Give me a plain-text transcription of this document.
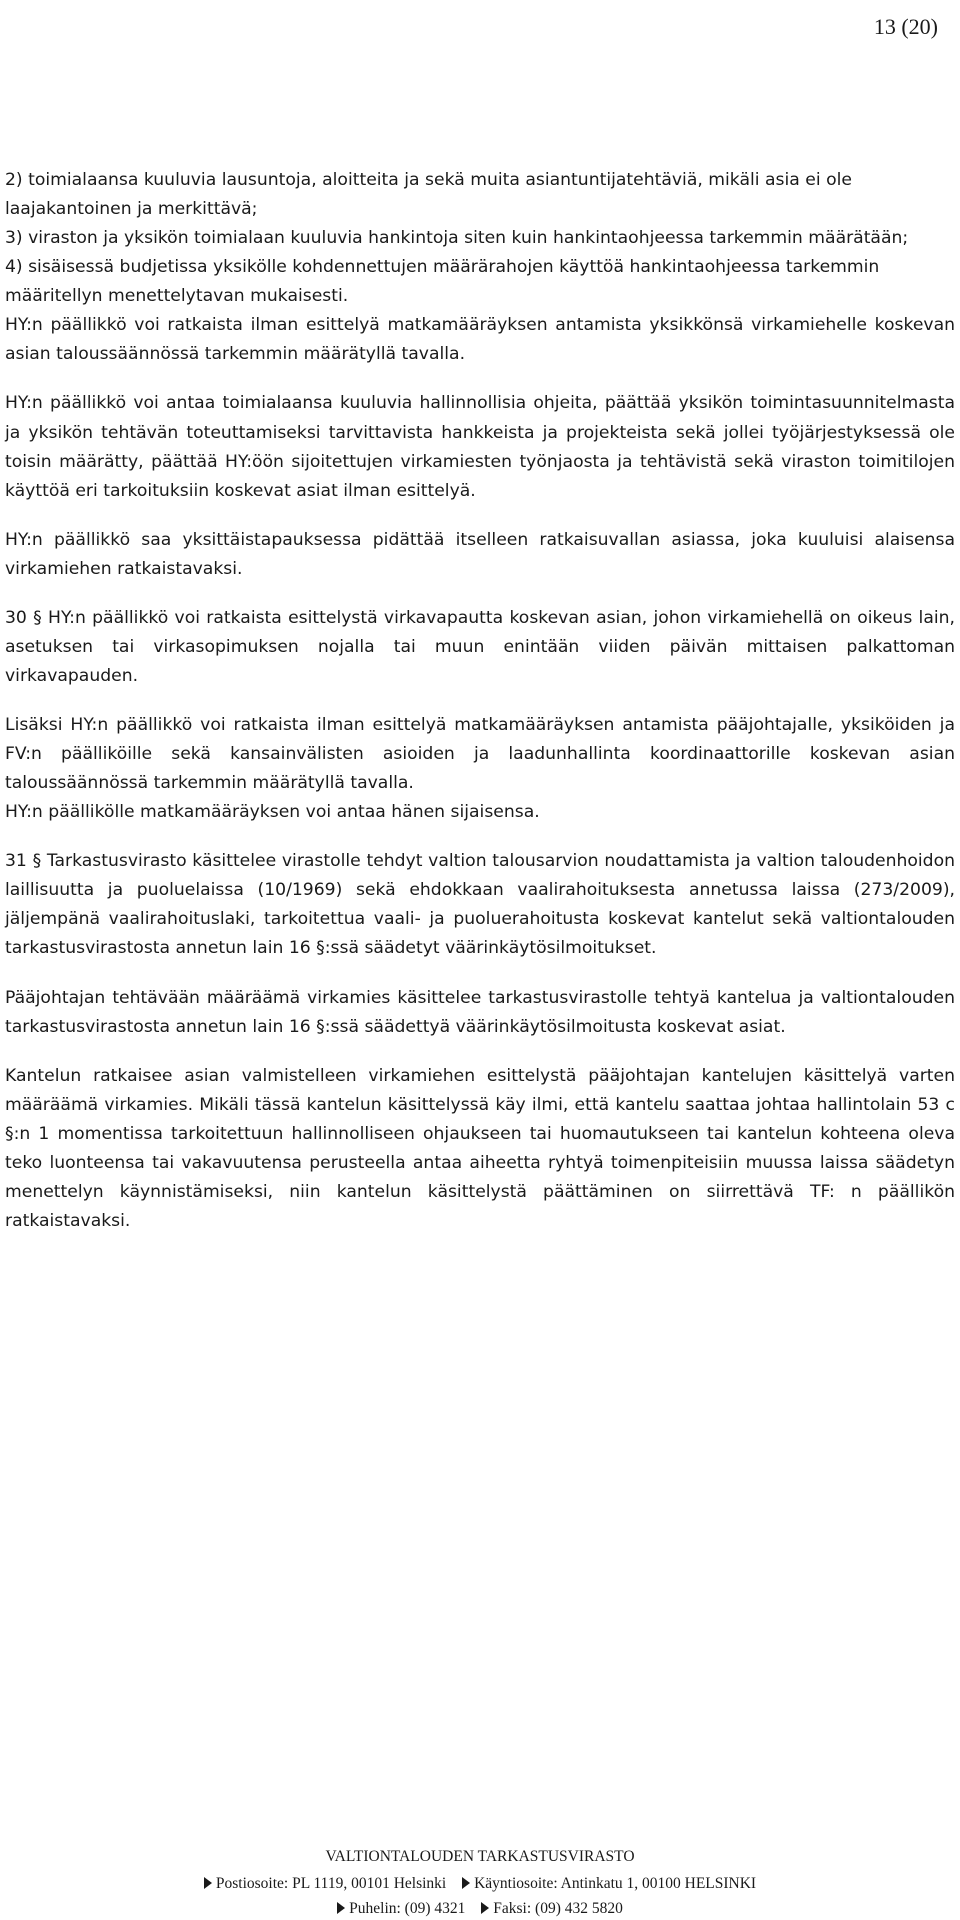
13 (20)

2) toimialaansa kuuluvia lausuntoja, aloitteita ja sekä muita asiantuntijatehtäviä, mikäli asia ei ole laajakantoinen ja merkittävä;

3) viraston ja yksikön toimialaan kuuluvia hankintoja siten kuin hankintaohjeessa tarkemmin määrätään;

4) sisäisessä budjetissa yksikölle kohdennettujen määrärahojen käyttöä hankintaohjeessa tarkemmin määritellyn menettelytavan mukaisesti.

HY:n päällikkö voi ratkaista ilman esittelyä matkamääräyksen antamista yksikkönsä virkamiehelle koskevan asian taloussäännössä tarkemmin määrätyllä tavalla.

HY:n päällikkö voi antaa toimialaansa kuuluvia hallinnollisia ohjeita, päättää yksikön toimintasuunnitelmasta ja yksikön tehtävän toteuttamiseksi tarvittavista hankkeista ja projekteista sekä jollei työjärjestyksessä ole toisin määrätty, päättää HY:öön sijoitettujen virkamiesten työnjaosta ja tehtävistä sekä viraston toimitilojen käyttöä eri tarkoituksiin koskevat asiat ilman esittelyä.

HY:n päällikkö saa yksittäistapauksessa pidättää itselleen ratkaisuvallan asiassa, joka kuuluisi alaisensa virkamiehen ratkaistavaksi.

30 § HY:n päällikkö voi ratkaista esittelystä virkavapautta koskevan asian, johon virkamiehellä on oikeus lain, asetuksen tai virkasopimuksen nojalla tai muun enintään viiden päivän mittaisen palkattoman virkavapauden.

Lisäksi HY:n päällikkö voi ratkaista ilman esittelyä matkamääräyksen antamista pääjohtajalle, yksiköiden ja FV:n päälliköille sekä kansainvälisten asioiden ja laadunhallinta koordinaattorille koskevan asian taloussäännössä tarkemmin määrätyllä tavalla.

HY:n päälliköllе matkamääräyksen voi antaa hänen sijaisensa.

31 § Tarkastusvirasto käsittelee virastolle tehdyt valtion talousarvion noudattamista ja valtion taloudenhoidon laillisuutta ja puoluelaissa (10/1969) sekä ehdokkaan vaalirahoituksesta annetussa laissa (273/2009), jäljempänä vaalirahoituslaki, tarkoitettua vaali- ja puoluerahoitusta koskevat kantelut sekä valtiontalouden tarkastusvirastosta annetun lain 16 §:ssä säädetyt väärinkäytösilmoitukset.

Pääjohtajan tehtävään määräämä virkamies käsittelee tarkastusvirastolle tehtyä kantelua ja valtiontalouden tarkastusvirastosta annetun lain 16 §:ssä säädettyä väärinkäytösilmoitusta koskevat asiat.

Kantelun ratkaisee asian valmistelleen virkamiehen esittelystä pääjohtajan kantelujen käsittelyä varten määräämä virkamies. Mikäli tässä kantelun käsittelyssä käy ilmi, että kantelu saattaa johtaa hallintolain 53 c §:n 1 momentissa tarkoitettuun hallinnolliseen ohjaukseen tai huomautukseen tai kantelun kohteena oleva teko luonteensa tai vakavuutensa perusteella antaa aiheetta ryhtyä toimenpiteisiin muussa laissa säädetyn menettelyn käynnistämiseksi, niin kantelun käsittelystä päättäminen on siirrettävä TF: n päällikön ratkaistavaksi.

VALTIONTALOUDEN TARKASTUSVIRASTO
Postiosoite: PL 1119, 00101 Helsinki Käyntiosoite: Antinkatu 1, 00100 HELSINKI
Puhelin: (09) 4321 Faksi: (09) 432 5820
